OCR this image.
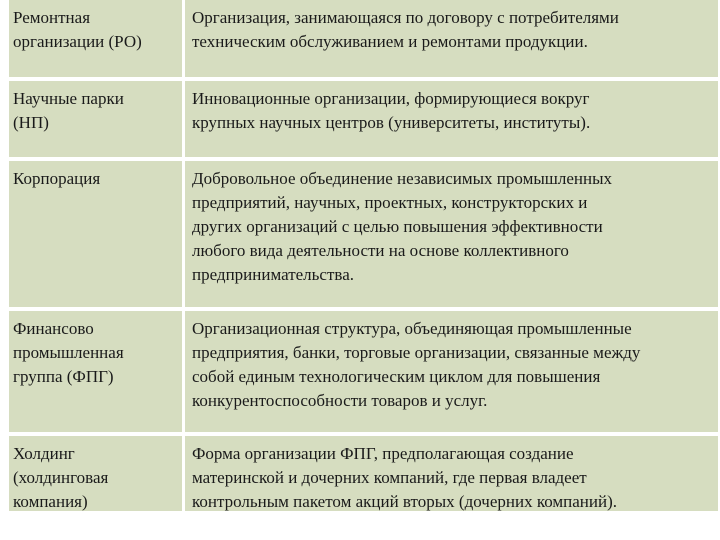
Ремонтная
организации (РО)
Организация, занимающаяся по договору с потребителями
техническим обслуживанием и ремонтами продукции.
Научные парки
(НП)
Инновационные организации, формирующиеся вокруг
крупных научных центров (университеты, институты).
Корпорация	Добровольное объединение независимых промышленных
предприятий, научных, проектных, конструкторских и
других организаций с целью повышения эффективности
любого вида деятельности на основе коллективного
предпринимательства.
Финансово
промышленная
группа (ФПГ)
Организационная структура, объединяющая промышленные
предприятия, банки, торговые организации, связанные между
собой единым технологическим циклом для повышения
конкурентоспособности товаров и услуг.
Холдинг
(холдинговая
компания)
Форма организации ФПГ, предполагающая создание
материнской и дочерних компаний, где первая владеет
контрольным пакетом акций вторых (дочерних компаний).
